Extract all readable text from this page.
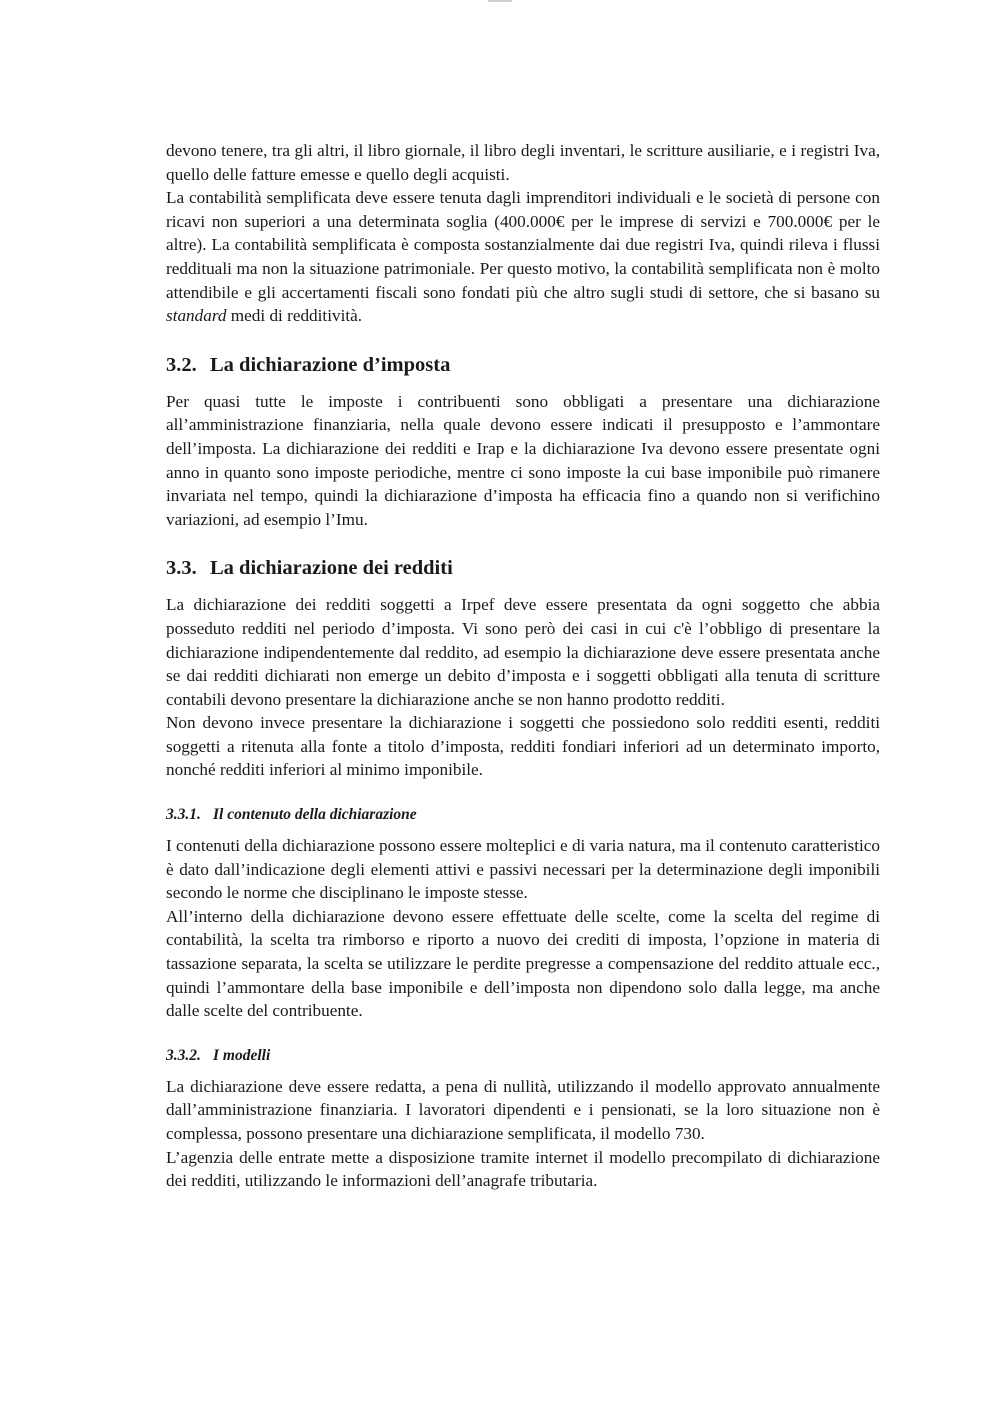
devono tenere, tra gli altri, il libro giornale, il libro degli inventari, le scritture ausiliarie, e i registri Iva, quello delle fatture emesse e quello degli acquisti.

La contabilità semplificata deve essere tenuta dagli imprenditori individuali e le società di persone con ricavi non superiori a una determinata soglia (400.000€ per le imprese di servizi e 700.000€ per le altre). La contabilità semplificata è composta sostanzialmente dai due registri Iva, quindi rileva i flussi reddituali ma non la situazione patrimoniale. Per questo motivo, la contabilità semplificata non è molto attendibile e gli accertamenti fiscali sono fondati più che altro sugli studi di settore, che si basano su standard medi di redditività.

3.2. La dichiarazione d’imposta

Per quasi tutte le imposte i contribuenti sono obbligati a presentare una dichiarazione all’amministrazione finanziaria, nella quale devono essere indicati il presupposto e l’ammontare dell’imposta. La dichiarazione dei redditi e Irap e la dichiarazione Iva devono essere presentate ogni anno in quanto sono imposte periodiche, mentre ci sono imposte la cui base imponibile può rimanere invariata nel tempo, quindi la dichiarazione d’imposta ha efficacia fino a quando non si verifichino variazioni, ad esempio l’Imu.

3.3. La dichiarazione dei redditi

La dichiarazione dei redditi soggetti a Irpef deve essere presentata da ogni soggetto che abbia posseduto redditi nel periodo d’imposta. Vi sono però dei casi in cui c'è l’obbligo di presentare la dichiarazione indipendentemente dal reddito, ad esempio la dichiarazione deve essere presentata anche se dai redditi dichiarati non emerge un debito d’imposta e i soggetti obbligati alla tenuta di scritture contabili devono presentare la dichiarazione anche se non hanno prodotto redditi.

Non devono invece presentare la dichiarazione i soggetti che possiedono solo redditi esenti, redditi soggetti a ritenuta alla fonte a titolo d’imposta, redditi fondiari inferiori ad un determinato importo, nonché redditi inferiori al minimo imponibile.

3.3.1. Il contenuto della dichiarazione

I contenuti della dichiarazione possono essere molteplici e di varia natura, ma il contenuto caratteristico è dato dall’indicazione degli elementi attivi e passivi necessari per la determinazione degli imponibili secondo le norme che disciplinano le imposte stesse.

All’interno della dichiarazione devono essere effettuate delle scelte, come la scelta del regime di contabilità, la scelta tra rimborso e riporto a nuovo dei crediti di imposta, l’opzione in materia di tassazione separata, la scelta se utilizzare le perdite pregresse a compensazione del reddito attuale ecc., quindi l’ammontare della base imponibile e dell’imposta non dipendono solo dalla legge, ma anche dalle scelte del contribuente.

3.3.2. I modelli

La dichiarazione deve essere redatta, a pena di nullità, utilizzando il modello approvato annualmente dall’amministrazione finanziaria. I lavoratori dipendenti e i pensionati, se la loro situazione non è complessa, possono presentare una dichiarazione semplificata, il modello 730.

L’agenzia delle entrate mette a disposizione tramite internet il modello precompilato di dichiarazione dei redditi, utilizzando le informazioni dell’anagrafe tributaria.
